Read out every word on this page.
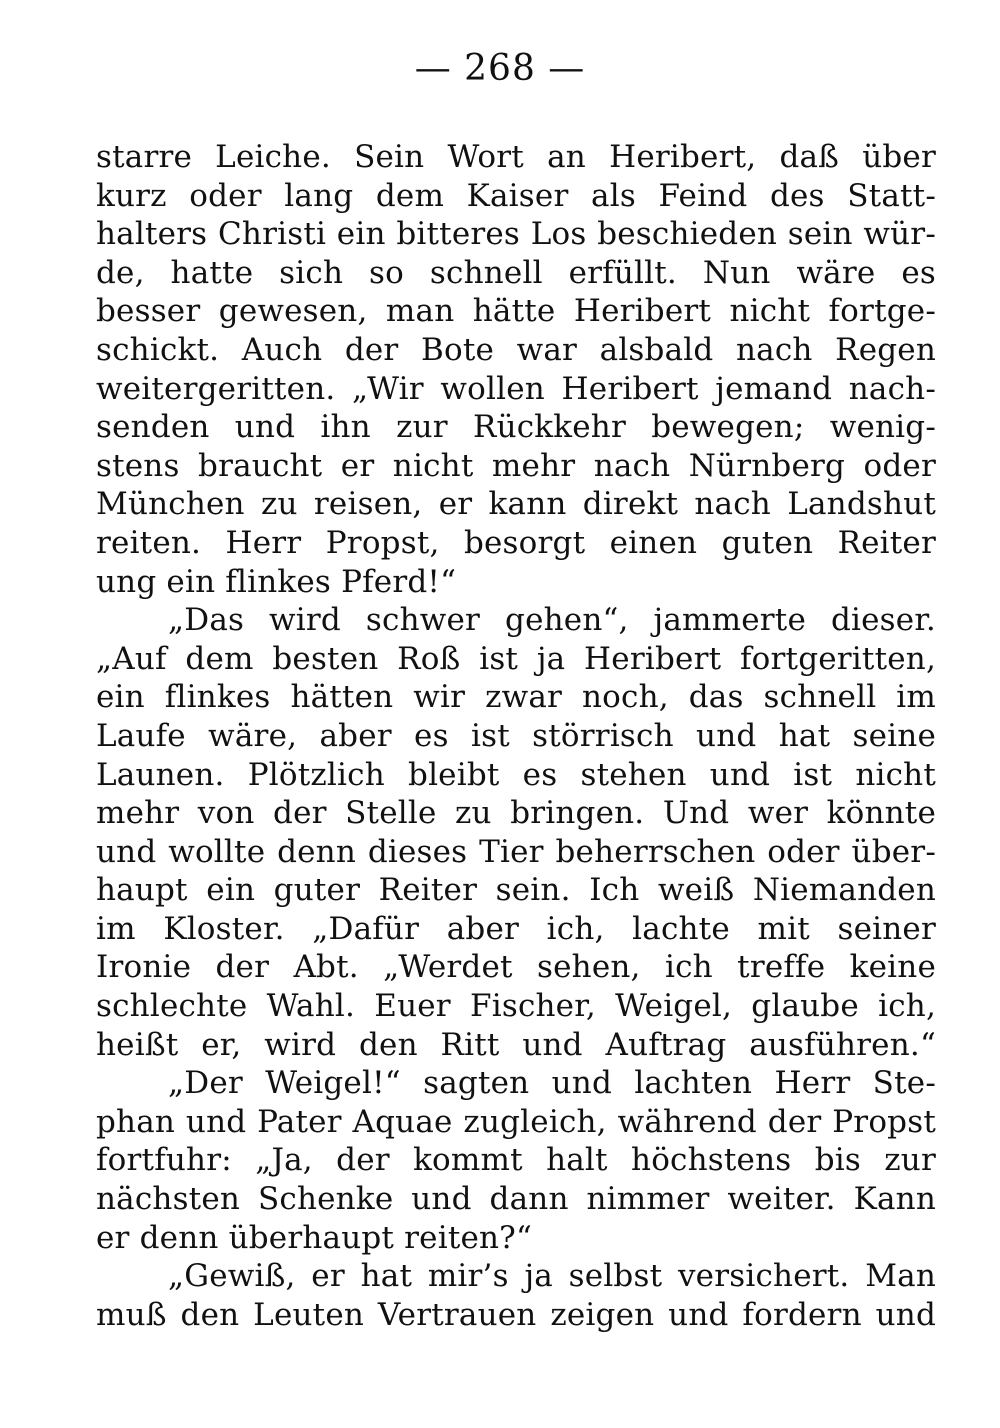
— 268 —
starre Leiche. Sein Wort an Heribert, daß über
kurz oder lang dem Kaiser als Feind des Statt-
halters Christi ein bitteres Los beschieden sein wür-
de, hatte sich so schnell erfüllt. Nun wäre es
besser gewesen, man hätte Heribert nicht fortge-
schickt. Auch der Bote war alsbald nach Regen
weitergeritten. „Wir wollen Heribert jemand nach-
senden und ihn zur Rückkehr bewegen; wenig-
stens braucht er nicht mehr nach Nürnberg oder
München zu reisen, er kann direkt nach Landshut
reiten. Herr Propst, besorgt einen guten Reiter
ung ein flinkes Pferd!“
„Das wird schwer gehen“, jammerte dieser.
„Auf dem besten Roß ist ja Heribert fortgeritten,
ein flinkes hätten wir zwar noch, das schnell im
Laufe wäre, aber es ist störrisch und hat seine
Launen. Plötzlich bleibt es stehen und ist nicht
mehr von der Stelle zu bringen. Und wer könnte
und wollte denn dieses Tier beherrschen oder über-
haupt ein guter Reiter sein. Ich weiß Niemanden
im Kloster. „Dafür aber ich, lachte mit seiner
Ironie der Abt. „Werdet sehen, ich treffe keine
schlechte Wahl. Euer Fischer, Weigel, glaube ich,
heißt er, wird den Ritt und Auftrag ausführen.“
„Der Weigel!“ sagten und lachten Herr Ste-
phan und Pater Aquae zugleich, während der Propst
fortfuhr: „Ja, der kommt halt höchstens bis zur
nächsten Schenke und dann nimmer weiter. Kann
er denn überhaupt reiten?“
„Gewiß, er hat mir’s ja selbst versichert. Man
muß den Leuten Vertrauen zeigen und fordern und
